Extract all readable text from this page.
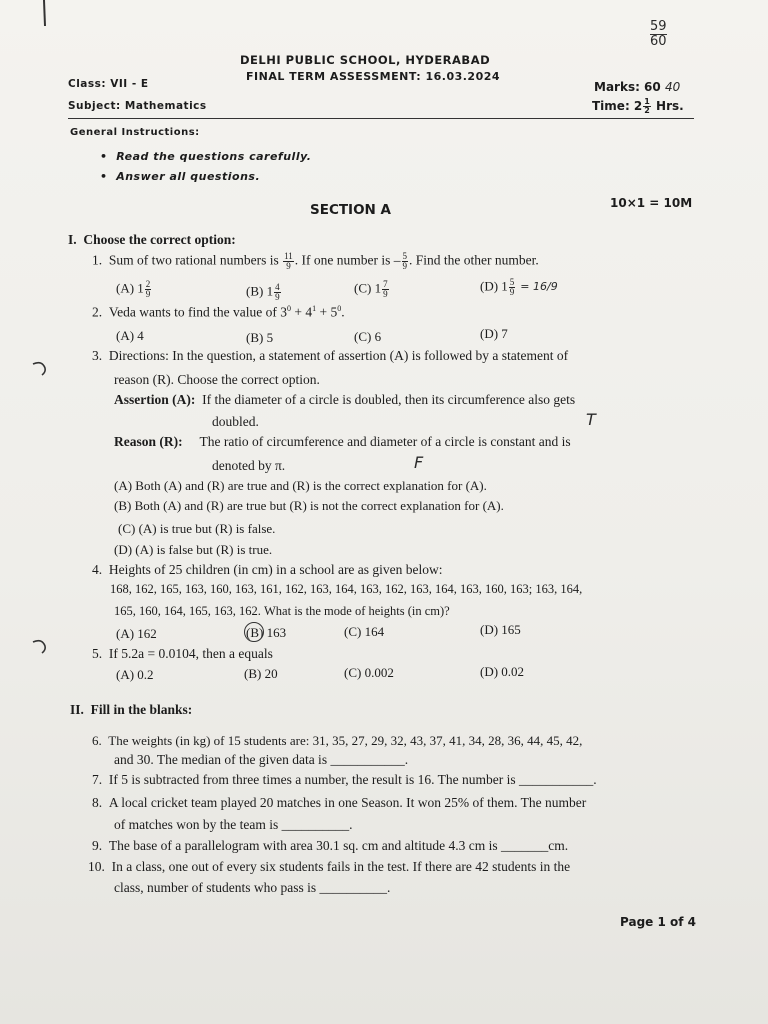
59
60
DELHI PUBLIC SCHOOL, HYDERABAD
FINAL TERM ASSESSMENT: 16.03.2024
Class: VII - E
Subject: Mathematics
Marks: 60 40
Time: $2 \frac{1}{2}$ Hrs.
General Instructions:
•  Read the questions carefully.
•  Answer all questions.
SECTION A	10×1 = 10M
I. Choose the correct option:
1. Sum of two rational numbers is $\frac{11}{9}$ . If one number is – $\frac{5}{9}$ . Find the other number.
(A) $1 \frac{2}{9}$	(B) $1 \frac{4}{9}$	(C) $1 \frac{7}{9}$	(D) $1 \frac{5}{9} = 16/9$
2. Veda wants to find the value of $3^0 + 4^1 + 5^0$.
(A) 4	(B) 5	(C) 6	(D) 7
3. Directions: In the question, a statement of assertion (A) is followed by a statement of
reason (R). Choose the correct option.
Assertion (A): If the diameter of a circle is doubled, then its circumference also gets
doubled.	T
Reason (R): The ratio of circumference and diameter of a circle is constant and is
denoted by π.	F
(A) Both (A) and (R) are true and (R) is the correct explanation for (A).
(B) Both (A) and (R) are true but (R) is not the correct explanation for (A).
(C) (A) is true but (R) is false.
(D) (A) is false but (R) is true.
4. Heights of 25 children (in cm) in a school are as given below:
168, 162, 165, 163, 160, 163, 161, 162, 163, 164, 163, 162, 163, 164, 163, 160, 163; 163, 164,
165, 160, 164, 165, 163, 162. What is the mode of heights (in cm)?
(A) 162	(B) 163	(C) 164	(D) 165
5. If 5.2a = 0.0104, then a equals
(A) 0.2	(B) 20	(C) 0.002	(D) 0.02
II. Fill in the blanks:
6. The weights (in kg) of 15 students are: 31, 35, 27, 29, 32, 43, 37, 41, 34, 28, 36, 44, 45, 42,
and 30. The median of the given data is ___________.
7. If 5 is subtracted from three times a number, the result is 16. The number is ___________.
8. A local cricket team played 20 matches in one Season. It won 25% of them. The number
of matches won by the team is __________.
9. The base of a parallelogram with area 30.1 sq. cm and altitude 4.3 cm is _______cm.
10. In a class, one out of every six students fails in the test. If there are 42 students in the
class, number of students who pass is __________.
Page 1 of 4
